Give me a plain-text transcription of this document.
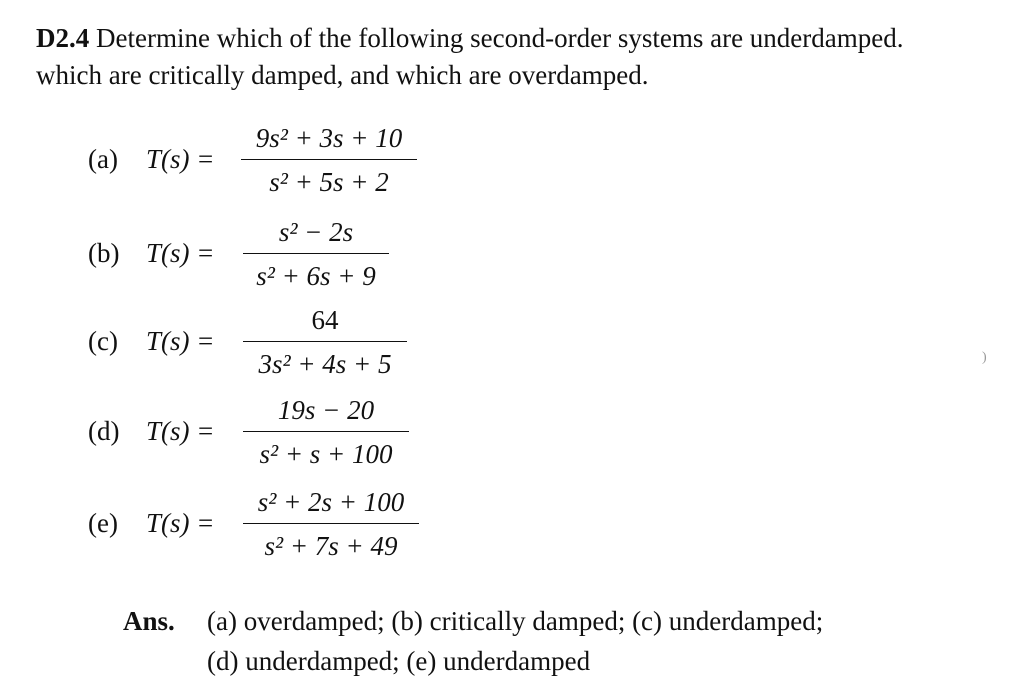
D2.4 Determine which of the following second-order systems are underdamped.
which are critically damped, and which are overdamped.
(a) T(s) =
9s² + 3s + 10
s² + 5s + 2
(b) T(s) =
s² − 2s
s² + 6s + 9
(c) T(s) =
64
3s² + 4s + 5
(d) T(s) =
19s − 20
s² + s + 100
(e) T(s) =
s² + 2s + 100
s² + 7s + 49
Ans. (a) overdamped; (b) critically damped; (c) underdamped;
(d) underdamped; (e) underdamped
)
